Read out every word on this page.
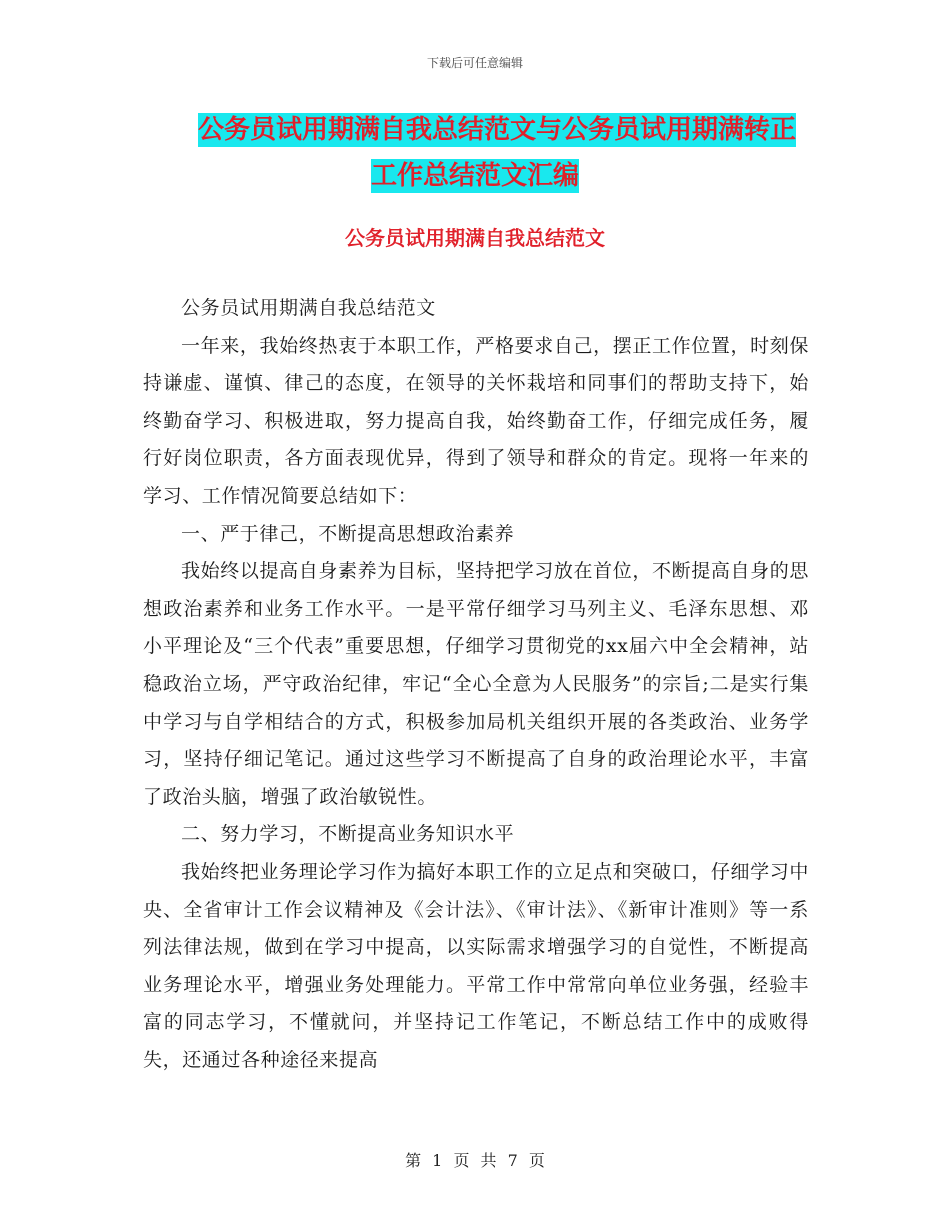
下载后可任意编辑
公务员试用期满自我总结范文与公务员试用期满转正
工作总结范文汇编
公务员试用期满自我总结范文

公务员试用期满自我总结范文

一年来，我始终热衷于本职工作，严格要求自己，摆正工作位置，时刻保持谦虚、谨慎、律己的态度，在领导的关怀栽培和同事们的帮助支持下，始终勤奋学习、积极进取，努力提高自我，始终勤奋工作，仔细完成任务，履行好岗位职责，各方面表现优异，得到了领导和群众的肯定。现将一年来的学习、工作情况简要总结如下：

一、严于律己，不断提高思想政治素养

我始终以提高自身素养为目标，坚持把学习放在首位，不断提高自身的思想政治素养和业务工作水平。一是平常仔细学习马列主义、毛泽东思想、邓小平理论及“三个代表”重要思想，仔细学习贯彻党的xx届六中全会精神，站稳政治立场，严守政治纪律，牢记“全心全意为人民服务”的宗旨;二是实行集中学习与自学相结合的方式，积极参加局机关组织开展的各类政治、业务学习，坚持仔细记笔记。通过这些学习不断提高了自身的政治理论水平，丰富了政治头脑，增强了政治敏锐性。

二、努力学习，不断提高业务知识水平

我始终把业务理论学习作为搞好本职工作的立足点和突破口，仔细学习中央、全省审计工作会议精神及《会计法》、《审计法》、《新审计准则》等一系列法律法规，做到在学习中提高，以实际需求增强学习的自觉性，不断提高业务理论水平，增强业务处理能力。平常工作中常常向单位业务强，经验丰富的同志学习，不懂就问，并坚持记工作笔记，不断总结工作中的成败得失，还通过各种途径来提高

第 1 页 共 7 页
